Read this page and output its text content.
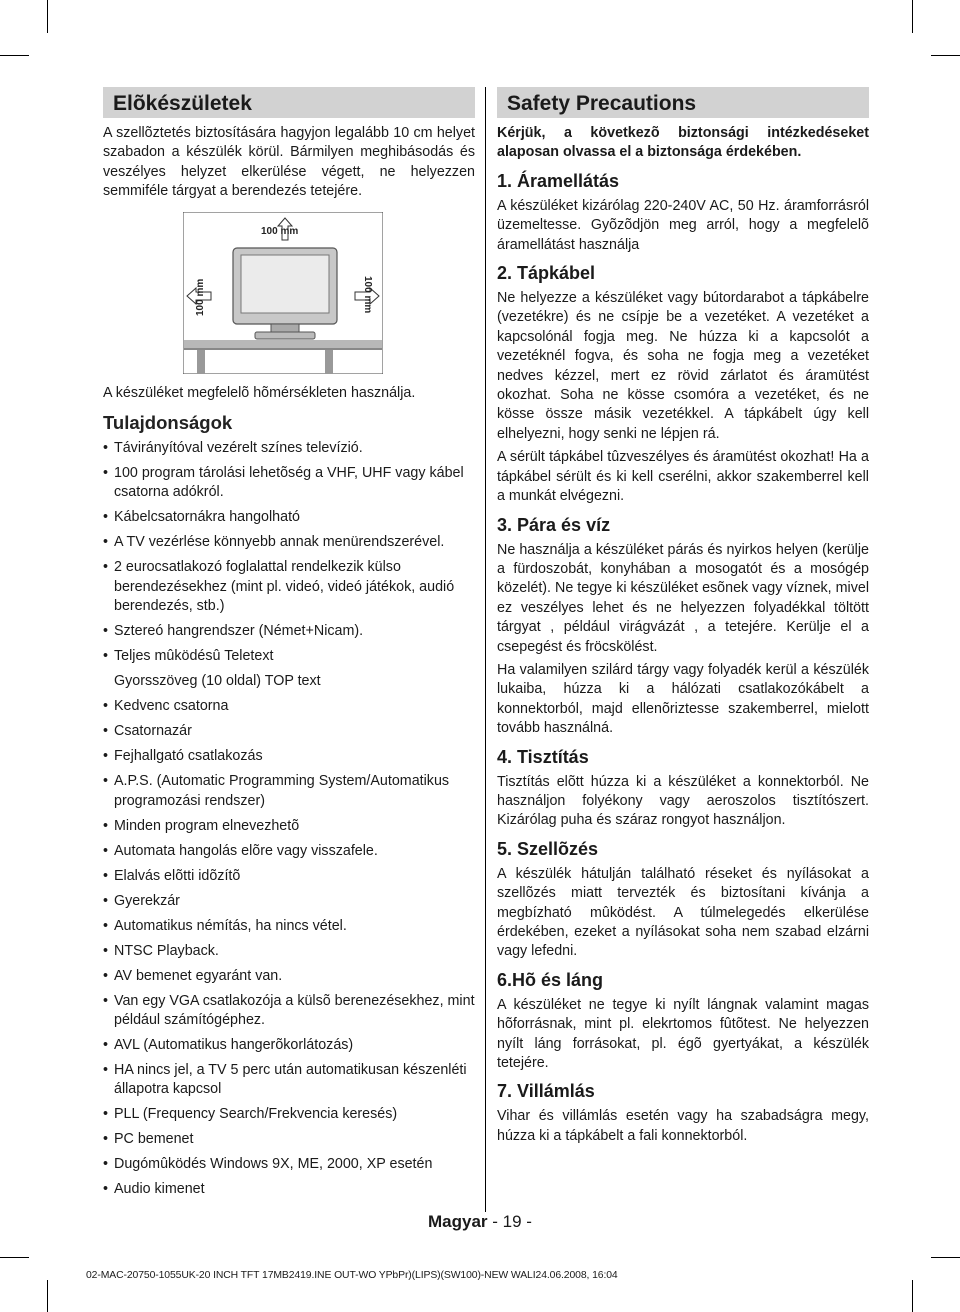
Elõkészületek

A szellõztetés biztosítására hagyjon legalább 10 cm helyet szabadon a készülék körül. Bármilyen meghibásodás és veszélyes helyzet elkerülése végett, ne helyezzen semmiféle tárgyat a berendezés tetejére.

100 mm
100 mm	100 mm

A készüléket megfelelõ hõmérsékleten használja.

Tulajdonságok
• Távirányítóval vezérelt színes televízió.
• 100 program tárolási lehetõség a VHF, UHF vagy kábel csatorna adókról.
• Kábelcsatornákra hangolható
• A TV vezérlése könnyebb annak menürendszerével.
• 2 eurocsatlakozó foglalattal rendelkezik külso berendezésekhez (mint pl. videó, videó játékok, audió berendezés, stb.)
• Sztereó hangrendszer (Német+Nicam).
• Teljes mûködésû Teletext
Gyorsszöveg (10 oldal) TOP text
• Kedvenc csatorna
• Csatornazár
• Fejhallgató csatlakozás
• A.P.S. (Automatic Programming System/Automatikus programozási rendszer)
• Minden program elnevezhetõ
• Automata hangolás elõre vagy visszafele.
• Elalvás elõtti idõzítõ
• Gyerekzár
• Automatikus némítás, ha nincs vétel.
• NTSC Playback.
• AV bemenet egyaránt van.
• Van egy VGA csatlakozója a külsõ berenezésekhez, mint például számítógéphez.
• AVL (Automatikus hangerõkorlátozás)
• HA nincs jel, a TV 5 perc után automatikusan készenléti állapotra kapcsol
• PLL (Frequency Search/Frekvencia keresés)
• PC bemenet
• Dugómûködés Windows 9X, ME, 2000, XP esetén
• Audio kimenet
Safety Precautions

Kérjük, a következõ biztonsági intézkedéseket alaposan olvassa el a biztonsága érdekében.

1. Áramellátás

A készüléket kizárólag 220-240V AC, 50 Hz. áramforrásról üzemeltesse. Gyõzõdjön meg arról, hogy a megfelelõ áramellátást használja

2. Tápkábel

Ne helyezze a készüléket vagy bútordarabot a tápkábelre (vezetékre) és ne csípje be a vezetéket. A vezetéket a kapcsolónál fogja meg. Ne húzza ki a kapcsolót a vezetéknél fogva, és soha ne fogja meg a vezetéket nedves kézzel, mert ez rövid zárlatot és áramütést okozhat. Soha ne kösse csomóra a vezetéket, és ne kösse össze másik vezetékkel. A tápkábelt úgy kell elhelyezni, hogy senki ne lépjen rá.

A sérült tápkábel tûzveszélyes és áramütést okozhat! Ha a tápkábel sérült és ki kell cserélni, akkor szakemberrel kell a munkát elvégezni.

3. Pára és víz

Ne használja a készüléket párás és nyirkos helyen (kerülje a fürdoszobát, konyhában a mosogatót és a mosógép közelét). Ne tegye ki készüléket esõnek vagy víznek, mivel ez veszélyes lehet és ne helyezzen folyadékkal töltött tárgyat , például virágvázát , a tetejére. Kerülje el a csepegést és fröcskölést.

Ha valamilyen szilárd tárgy vagy folyadék kerül a készülék lukaiba, húzza ki a hálózati csatlakozókábelt a konnektorból, majd ellenõriztesse szakemberrel, mielott tovább használná.

4. Tisztítás

Tisztítás elõtt húzza ki a készüléket a konnektorból. Ne használjon folyékony vagy aeroszolos tisztítószert. Kizárólag puha és száraz rongyot használjon.

5. Szellõzés

A készülék hátulján található réseket és nyílásokat a szellõzés miatt tervezték és biztosítani kívánja a megbízható mûködést. A túlmelegedés elkerülése érdekében, ezeket a nyílásokat soha nem szabad elzárni vagy lefedni.

6.Hõ és láng

A készüléket ne tegye ki nyílt lángnak valamint magas hõforrásnak, mint pl. elekrtomos fûtõtest. Ne helyezzen nyílt láng forrásokat, pl. égõ gyertyákat, a készülék tetejére.

7. Villámlás

Vihar és villámlás esetén vagy ha szabadságra megy, húzza ki a tápkábelt a fali konnektorból.

Magyar - 19 -
02-MAC-20750-1055UK-20 INCH TFT 17MB2419.INE OUT-WO YPbPr)(LIPS)(SW100)-NEW WALI24.06.2008, 16:04
